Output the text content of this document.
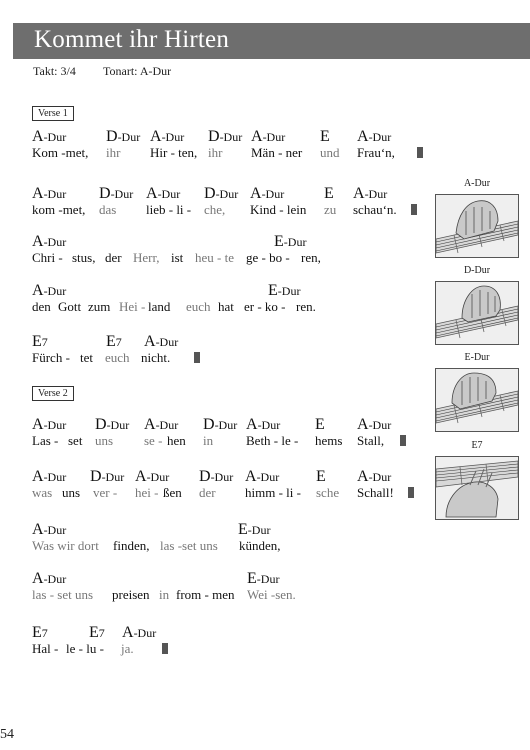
Kommet ihr Hirten
Takt: 3/4 Tonart: A-Dur
Verse 1
A-Dur D-Dur A-Dur D-Dur A-Dur E A-Dur
Kom -met, ihr Hir - ten, ihr Män - ner und Frau‘n,
A-Dur D-Dur A-Dur D-Dur A-Dur E A-Dur
kom -met, das lieb - li - che, Kind - lein zu schau‘n.
A-Dur	E-Dur
Chri - stus, der Herr, ist heu - te ge - bo - ren,
A-Dur	E-Dur
den Gott zum Hei - land euch hat er - ko - ren.
E7	E7 A-Dur
Fürch - tet euch nicht.
Verse 2
A-Dur D-Dur A-Dur D-Dur A-Dur E A-Dur
Las - set uns se - hen in	Beth - le - hems Stall,
A-Dur D-Dur A-Dur D-Dur A-Dur E A-Dur
was uns ver - hei - ßen der himm - li - sche Schall!
A-Dur	E-Dur
Was wir dort finden, las -set uns künden,
A-Dur	E-Dur
las - set uns preisen in from - men Wei -sen.
E7	E7 A-Dur
Hal - le - lu - ja.
A-Dur
D-Dur
E-Dur
E7
54
